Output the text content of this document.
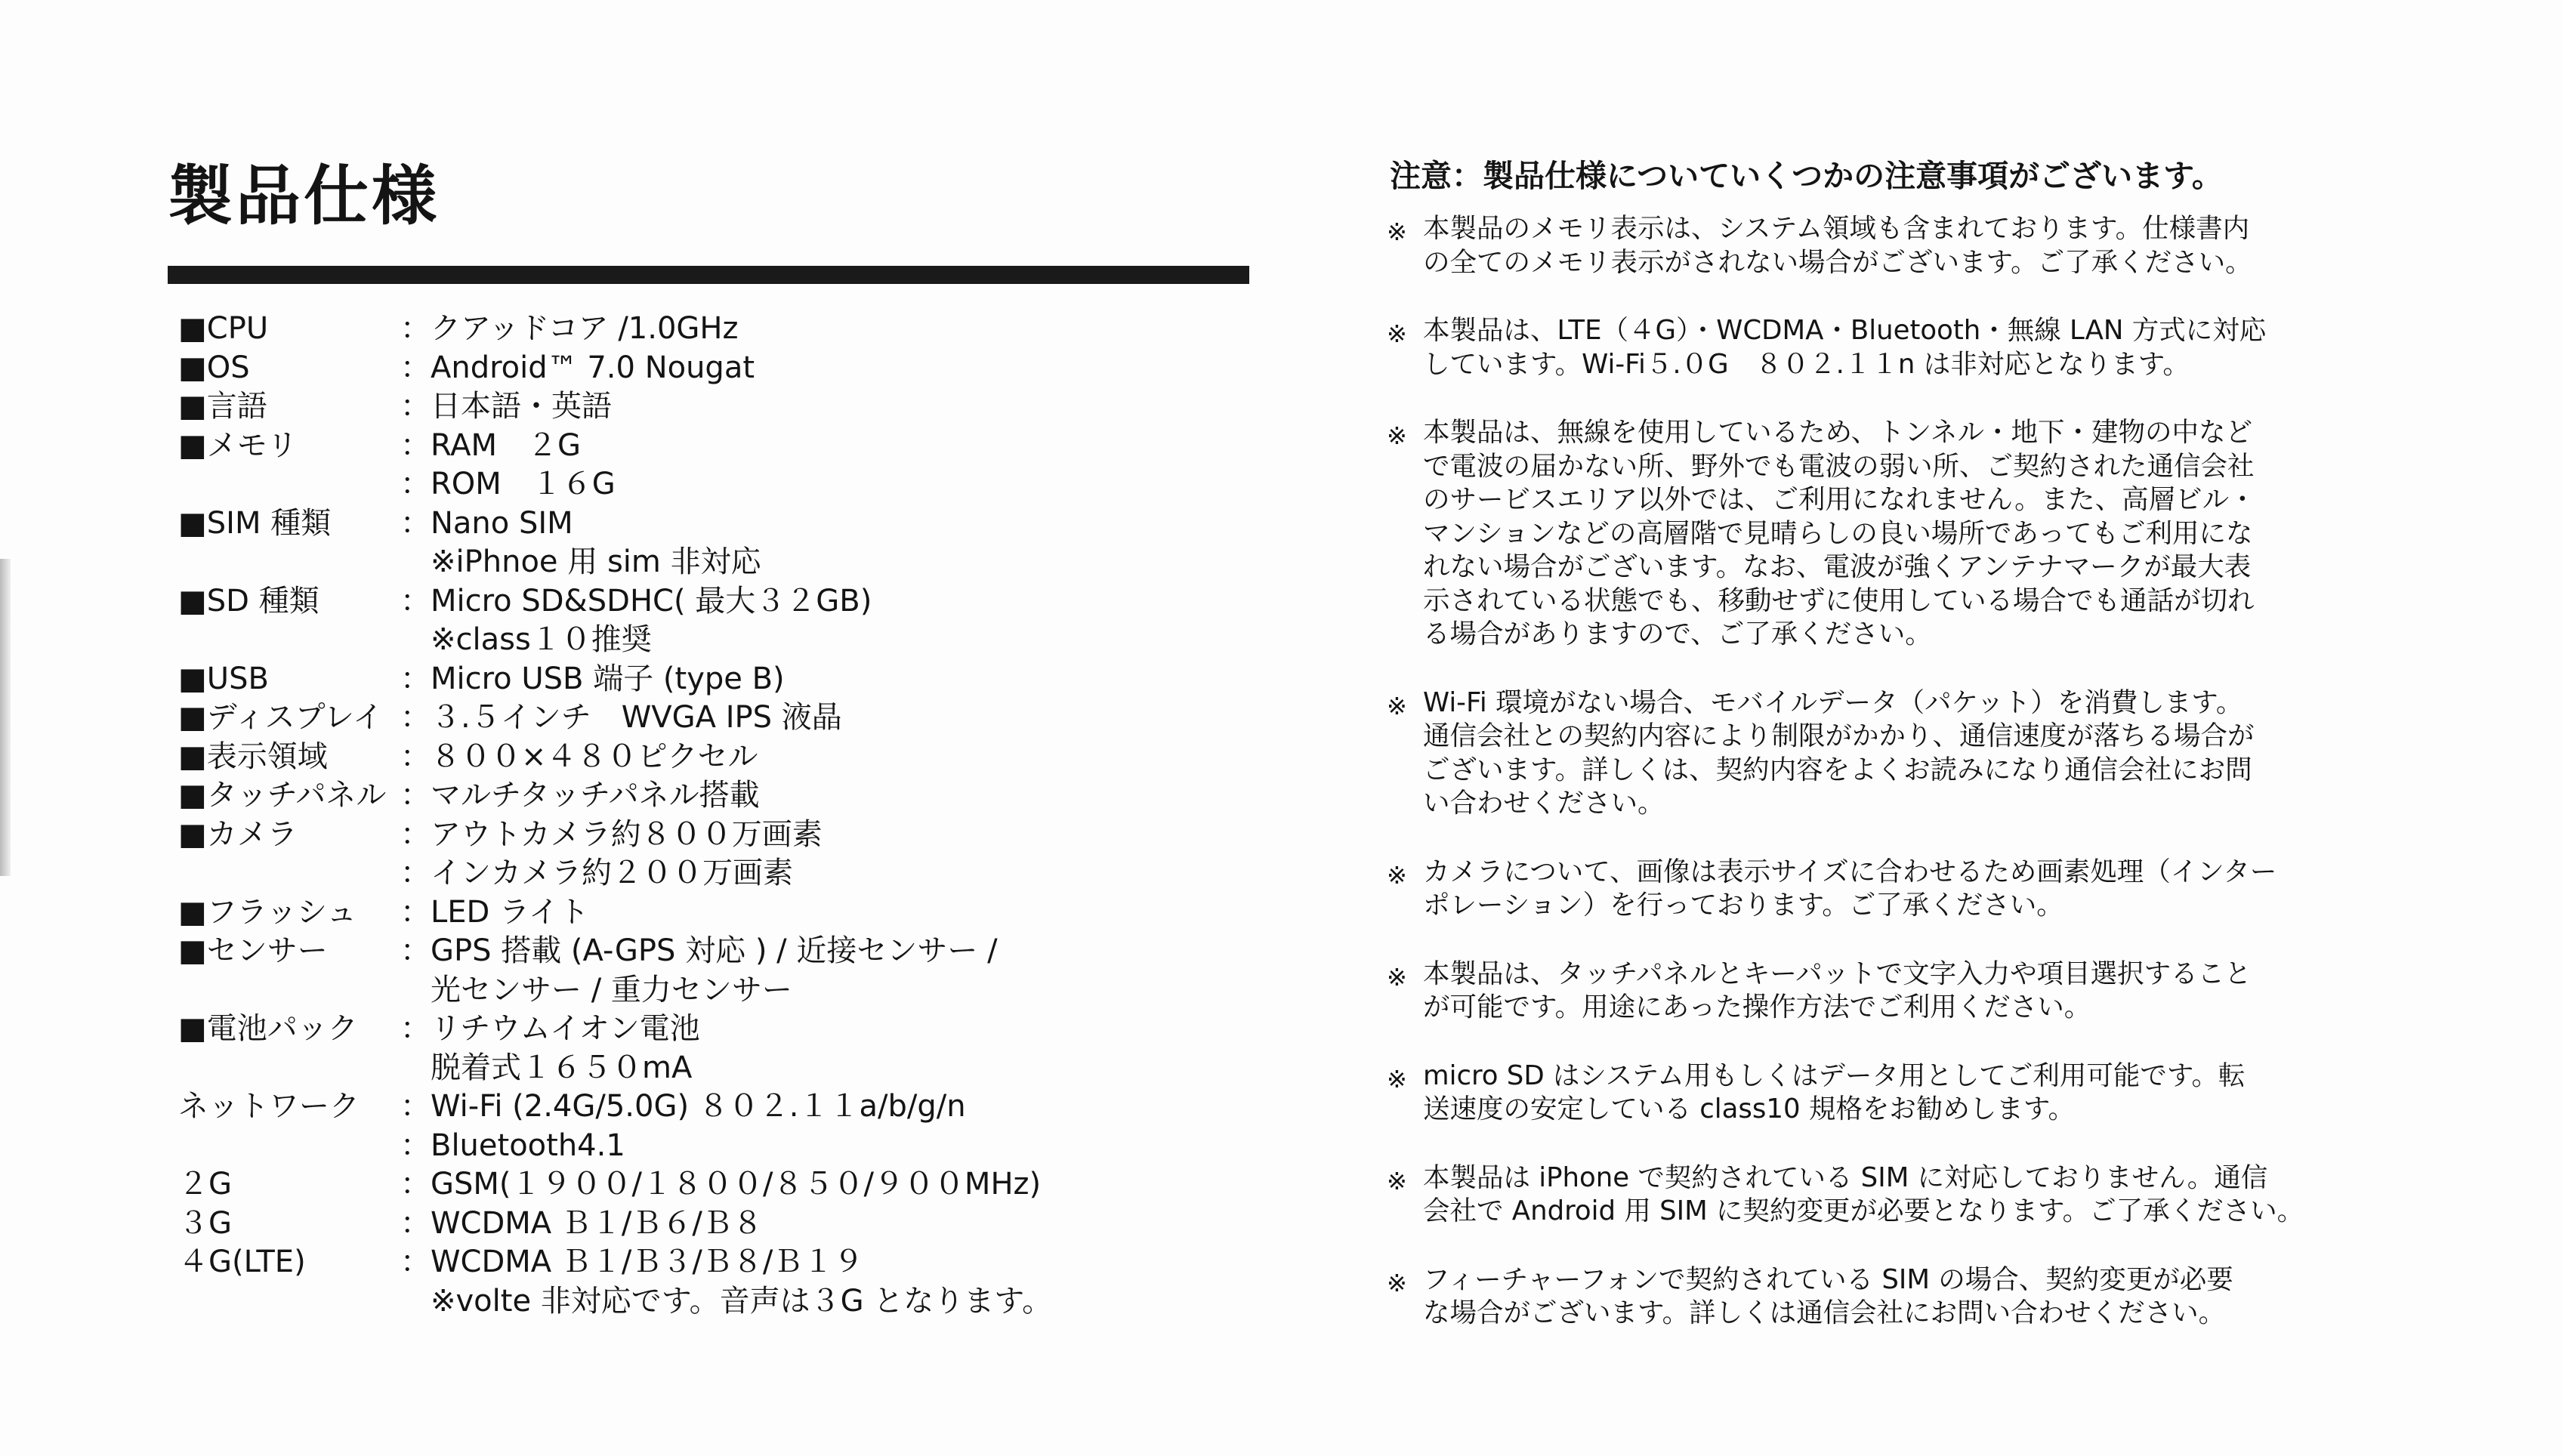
製品仕様
■CPU	：クアッドコア /1.0GHz
■OS	：Android™ 7.0 Nougat
■言語	：日本語・英語
■メモリ	：RAM　２G
：ROM　１６G
■SIM 種類	：Nano SIM
　※iPhnoe 用 sim 非対応
■SD 種類	：Micro SD&SDHC( 最大３２GB)
　※class１０推奨
■USB	：Micro USB 端子 (type B)
■ディスプレイ ：３.５インチ　WVGA IPS 液晶
■表示領域	：８００×４８０ピクセル
■タッチパネル ：マルチタッチパネル搭載
■カメラ	：アウトカメラ約８００万画素
：インカメラ約２００万画素
■フラッシュ	：LED ライト
■センサー	：GPS 搭載 (A-GPS 対応 ) / 近接センサー /
　光センサー / 重力センサー
■電池パック	：リチウムイオン電池
　脱着式１６５０mA
ネットワーク	：Wi-Fi (2.4G/5.0G) ８０２.１１a/b/g/n
：Bluetooth4.1
２G	：GSM(１９００/１８００/８５０/９００MHz)
３G	：WCDMA Ｂ１/Ｂ６/Ｂ８
４G(LTE)	：WCDMA Ｂ１/Ｂ３/Ｂ８/Ｂ１９
　※volte 非対応です。音声は３G となります。
注意：製品仕様についていくつかの注意事項がございます。
※ 本製品のメモリ表示は、システム領域も含まれております。仕様書内
の全てのメモリ表示がされない場合がございます。ご了承ください。
※ 本製品は、LTE（４G）・WCDMA・Bluetooth・無線 LAN 方式に対応
しています。Wi-Fi５.０G　８０２.１１n は非対応となります。
※ 本製品は、無線を使用しているため、トンネル・地下・建物の中など
で電波の届かない所、野外でも電波の弱い所、ご契約された通信会社
のサービスエリア以外では、ご利用になれません。また、高層ビル・
マンションなどの高層階で見晴らしの良い場所であってもご利用にな
れない場合がございます。なお、電波が強くアンテナマークが最大表
示されている状態でも、移動せずに使用している場合でも通話が切れ
る場合がありますので、ご了承ください。
※ Wi-Fi 環境がない場合、モバイルデータ（パケット）を消費します。
通信会社との契約内容により制限がかかり、通信速度が落ちる場合が
ございます。詳しくは、契約内容をよくお読みになり通信会社にお問
い合わせください。
※ カメラについて、画像は表示サイズに合わせるため画素処理（インター
ポレーション）を行っております。ご了承ください。
※ 本製品は、タッチパネルとキーパットで文字入力や項目選択すること
が可能です。用途にあった操作方法でご利用ください。
※ micro SD はシステム用もしくはデータ用としてご利用可能です。転
送速度の安定している class10 規格をお勧めします。
※ 本製品は iPhone で契約されている SIM に対応しておりません。通信
会社で Android 用 SIM に契約変更が必要となります。ご了承ください。
※ フィーチャーフォンで契約されている SIM の場合、契約変更が必要
な場合がございます。詳しくは通信会社にお問い合わせください。
